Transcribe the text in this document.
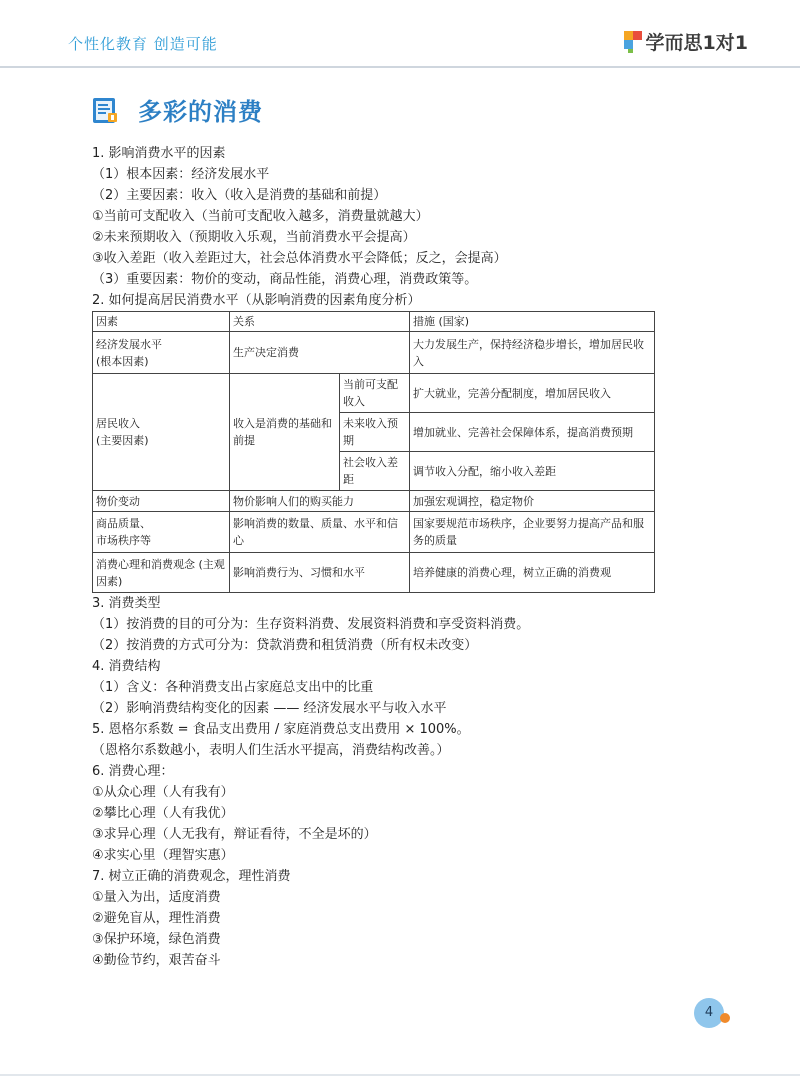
个性化教育 创造可能	学而思1对1
多彩的消费
1. 影响消费水平的因素
（1）根本因素：经济发展水平
（2）主要因素：收入（收入是消费的基础和前提）
①当前可支配收入（当前可支配收入越多，消费量就越大）
②未来预期收入（预期收入乐观，当前消费水平会提高）
③收入差距（收入差距过大，社会总体消费水平会降低；反之，会提高）
（3）重要因素：物价的变动，商品性能，消费心理，消费政策等。
2. 如何提高居民消费水平（从影响消费的因素角度分析）
因素	关系		措施 (国家)
经济发展水平
(根本因素)	生产决定消费		大力发展生产，保持经济稳步增长，增加居民收入
居民收入
(主要因素)	收入是消费的基础和前提	当前可支配收入	扩大就业，完善分配制度，增加居民收入
		未来收入预期	增加就业、完善社会保障体系，提高消费预期
		社会收入差距	调节收入分配，缩小收入差距
物价变动	物价影响人们的购买能力		加强宏观调控，稳定物价
商品质量、
市场秩序等	影响消费的数量、质量、水平和信心		国家要规范市场秩序，企业要努力提高产品和服务的质量
消费心理和消费观念 (主观因素)	影响消费行为、习惯和水平		培养健康的消费心理，树立正确的消费观
3. 消费类型
（1）按消费的目的可分为：生存资料消费、发展资料消费和享受资料消费。
（2）按消费的方式可分为：贷款消费和租赁消费（所有权未改变）
4. 消费结构
（1）含义：各种消费支出占家庭总支出中的比重
（2）影响消费结构变化的因素 —— 经济发展水平与收入水平
5. 恩格尔系数 = 食品支出费用 / 家庭消费总支出费用 × 100%。
（恩格尔系数越小，表明人们生活水平提高，消费结构改善。）
6. 消费心理：
①从众心理（人有我有）
②攀比心理（人有我优）
③求异心理（人无我有，辩证看待，不全是坏的）
④求实心里（理智实惠）
7. 树立正确的消费观念，理性消费
①量入为出，适度消费
②避免盲从，理性消费
③保护环境，绿色消费
④勤俭节约，艰苦奋斗
4
